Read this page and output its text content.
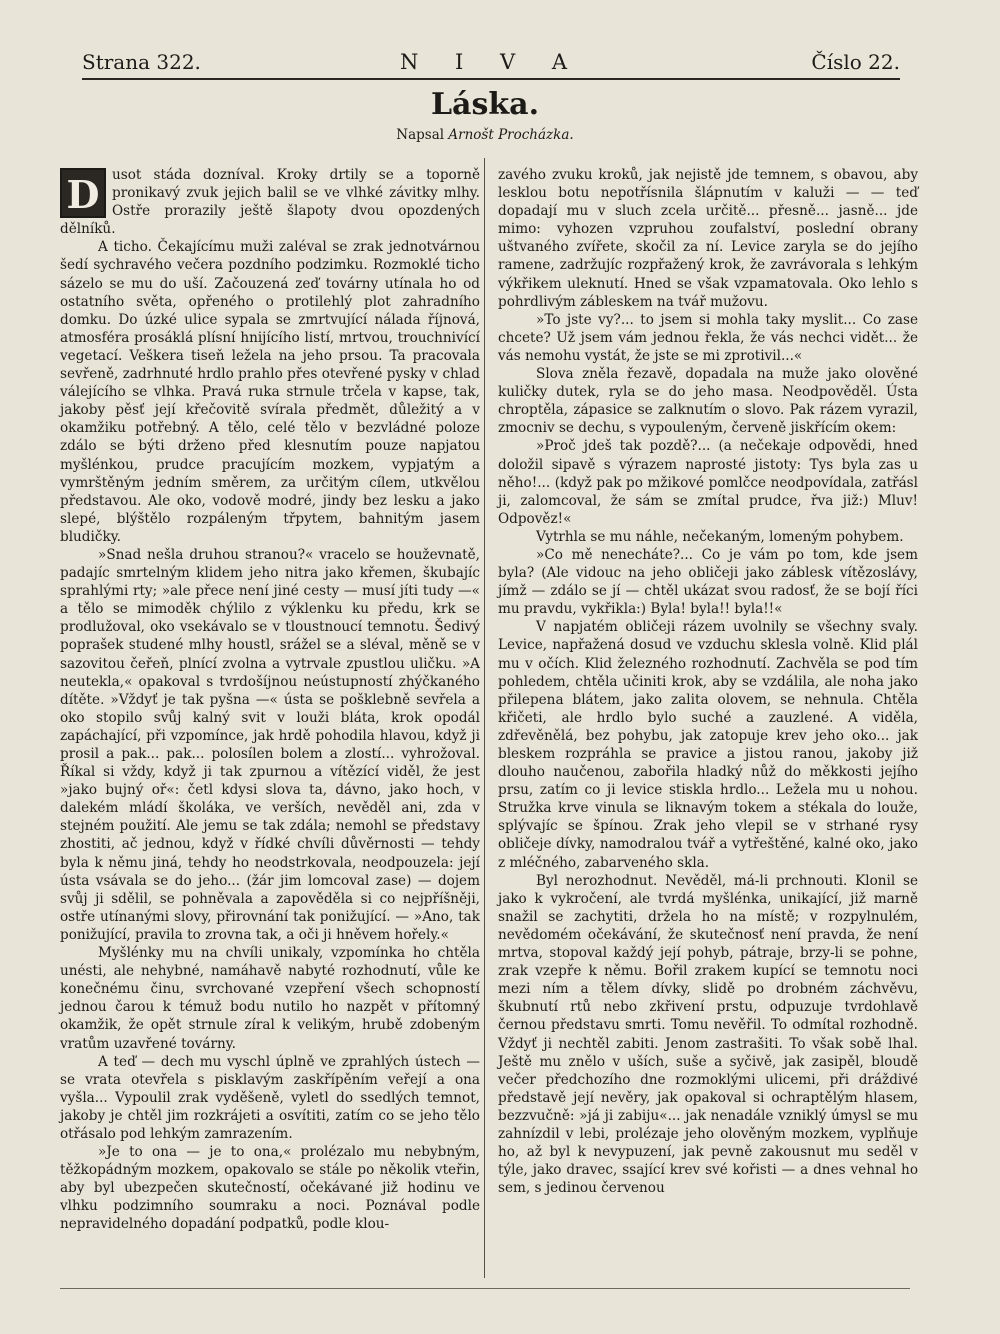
Strana 322.	N I V A	Číslo 22.
Láska.
Napsal Arnošt Procházka.

D usot stáda dozníval. Kroky drtily se a toporně pronikavý zvuk jejich balil se ve vlhké závitky mlhy. Ostře prorazily ještě šlapoty dvou opozdených dělníků.

A ticho. Čekajícímu muži zaléval se zrak jednotvárnou šedí sychravého večera pozdního podzimku. Rozmoklé ticho sázelo se mu do uší. Začouzená zeď továrny utínala ho od ostatního světa, opřeného o protilehlý plot zahradního domku. Do úzké ulice sypala se zmrtvující nálada říjnová, atmosféra prosáklá plísní hnijícího listí, mrtvou, trouchnivící vegetací. Veškera tiseň ležela na jeho prsou. Ta pracovala sevřeně, zadrhnuté hrdlo prahlo přes otevřené pysky v chlad válejícího se vlhka. Pravá ruka strnule trčela v kapse, tak, jakoby pěsť její křečovitě svírala předmět, důležitý a v okamžiku potřebný. A tělo, celé tělo v bezvládné poloze zdálo se býti drženo před klesnutím pouze napjatou myšlénkou, prudce pracujícím mozkem, vypjatým a vymrštěným jedním směrem, za určitým cílem, utkvělou představou. Ale oko, vodově modré, jindy bez lesku a jako slepé, blýštělo rozpáleným třpytem, bahnitým jasem bludičky.

»Snad nešla druhou stranou?« vracelo se houževnatě, padajíc smrtelným klidem jeho nitra jako křemen, škubajíc sprahlými rty; »ale přece není jiné cesty — musí jíti tudy —« a tělo se mimoděk chýlilo z výklenku ku předu, krk se prodlužoval, oko vsekávalo se v tloustnoucí temnotu. Šedivý poprašek studené mlhy houstl, srážel se a sléval, měně se v sazovitou čeřeň, plnící zvolna a vytrvale zpustlou uličku. »A neutekla,« opakoval s tvrdošíjnou neústupností zhýčkaného dítěte. »Vždyť je tak pyšna —« ústa se pošklebně sevřela a oko stopilo svůj kalný svit v louži bláta, krok opodál zapáchající, při vzpomínce, jak hrdě pohodila hlavou, když ji prosil a pak... pak... polosílen bolem a zlostí... vyhrožoval. Říkal si vždy, když ji tak zpurnou a vítězící viděl, že jest »jako bujný oř«: četl kdysi slova ta, dávno, jako hoch, v dalekém mládí školáka, ve verších, nevěděl ani, zda v stejném použití. Ale jemu se tak zdála; nemohl se představy zhostiti, ač jednou, když v řídké chvíli důvěrnosti — tehdy byla k němu jiná, tehdy ho neodstrkovala, neodpouzela: její ústa vsávala se do jeho... (žár jim lomcoval zase) — dojem svůj ji sdělil, se pohněvala a zapověděla si co nejpříšněji, ostře utínanými slovy, přirovnání tak ponižující. — »Ano, tak ponižující, pravila to zrovna tak, a oči ji hněvem hořely.«

Myšlénky mu na chvíli unikaly, vzpomínka ho chtěla unésti, ale nehybné, namáhavě nabyté rozhodnutí, vůle ke konečnému činu, svrchované vzepření všech schopností jednou čarou k témuž bodu nutilo ho nazpět v přítomný okamžik, že opět strnule zíral k velikým, hrubě zdobeným vratům uzavřené továrny.

A teď — dech mu vyschl úplně ve zprahlých ústech — se vrata otevřela s pisklavým zaskřípěním veřejí a ona vyšla... Vypoulil zrak vyděšeně, vyletl do ssedlých temnot, jakoby je chtěl jim rozkrájeti a osvítiti, zatím co se jeho tělo otřásalo pod lehkým zamrazením.

»Je to ona — je to ona,« prolézalo mu nebybným, těžkopádným mozkem, opakovalo se stále po několik vteřin, aby byl ubezpečen skutečností, očekávané již hodinu ve vlhku podzimního soumraku a noci. Poznával podle nepravidelného dopadání podpatků, podle klou-

zavého zvuku kroků, jak nejistě jde temnem, s obavou, aby lesklou botu nepotřísnila šlápnutím v kaluži — — teď dopadají mu v sluch zcela určitě... přesně... jasně... jde mimo: vyhozen vzpruhou zoufalství, poslední obrany uštvaného zvířete, skočil za ní. Levice zaryla se do jejího ramene, zadržujíc rozpřažený krok, že zavrávorala s lehkým výkřikem uleknutí. Hned se však vzpamatovala. Oko lehlo s pohrdlivým zábleskem na tvář mužovu.

»To jste vy?... to jsem si mohla taky myslit... Co zase chcete? Už jsem vám jednou řekla, že vás nechci vidět... že vás nemohu vystát, že jste se mi zprotivil...«

Slova zněla řezavě, dopadala na muže jako olověné kuličky dutek, ryla se do jeho masa. Neodpověděl. Ústa chroptěla, zápasice se zalknutím o slovo. Pak rázem vyrazil, zmocniv se dechu, s vypouleným, červeně jiskřícím okem:

»Proč jdeš tak pozdě?... (a nečekaje odpovědi, hned doložil sipavě s výrazem naprosté jistoty: Tys byla zas u něho!... (když pak po mžikové pomlčce neodpovídala, zatřásl ji, zalomcoval, že sám se zmítal prudce, řva již:) Mluv! Odpověz!«

Vytrhla se mu náhle, nečekaným, lomeným pohybem.

»Co mě nenecháte?... Co je vám po tom, kde jsem byla? (Ale vidouc na jeho obličeji jako záblesk vítězoslávy, jímž — zdálo se jí — chtěl ukázat svou radosť, že se bojí říci mu pravdu, vykřikla:) Byla! byla!! byla!!«

V napjatém obličeji rázem uvolnily se všechny svaly. Levice, napřažená dosud ve vzduchu sklesla volně. Klid plál mu v očích. Klid železného rozhodnutí. Zachvěla se pod tím pohledem, chtěla učiniti krok, aby se vzdálila, ale noha jako přilepena blátem, jako zalita olovem, se nehnula. Chtěla křičeti, ale hrdlo bylo suché a zauzlené. A viděla, zdřevěnělá, bez pohybu, jak zatopuje krev jeho oko... jak bleskem rozpráhla se pravice a jistou ranou, jakoby již dlouho naučenou, zabořila hladký nůž do měkkosti jejího prsu, zatím co ji levice stiskla hrdlo... Ležela mu u nohou. Stružka krve vinula se liknavým tokem a stékala do louže, splývajíc se špínou. Zrak jeho vlepil se v strhané rysy obličeje dívky, namodralou tvář a vytřeštěné, kalné oko, jako z mléčného, zabarveného skla.

Byl nerozhodnut. Nevěděl, má-li prchnouti. Klonil se jako k vykročení, ale tvrdá myšlénka, unikající, již marně snažil se zachytiti, držela ho na místě; v rozpylnulém, nevědomém očekávání, že skutečnosť není pravda, že není mrtva, stopoval každý její pohyb, pátraje, brzy-li se pohne, zrak vzepře k němu. Bořil zrakem kupící se temnotu noci mezi ním a tělem dívky, slidě po drobném záchvěvu, škubnutí rtů nebo zkřivení prstu, odpuzuje tvrdohlavě černou představu smrti. Tomu nevěřil. To odmítal rozhodně. Vždyť ji nechtěl zabiti. Jenom zastrašiti. To však sobě lhal. Ještě mu znělo v uších, suše a syčivě, jak zasipěl, bloudě večer předchozího dne rozmoklými ulicemi, při dráždivé představě její nevěry, jak opakoval si ochraptělým hlasem, bezzvučně: »já ji zabiju«... jak nenadále vzniklý úmysl se mu zahnízdil v lebi, prolézaje jeho olověným mozkem, vyplňuje ho, až byl k nevypuzení, jak pevně zakousnut mu seděl v týle, jako dravec, ssající krev své kořisti — a dnes vehnal ho sem, s jedinou červenou
